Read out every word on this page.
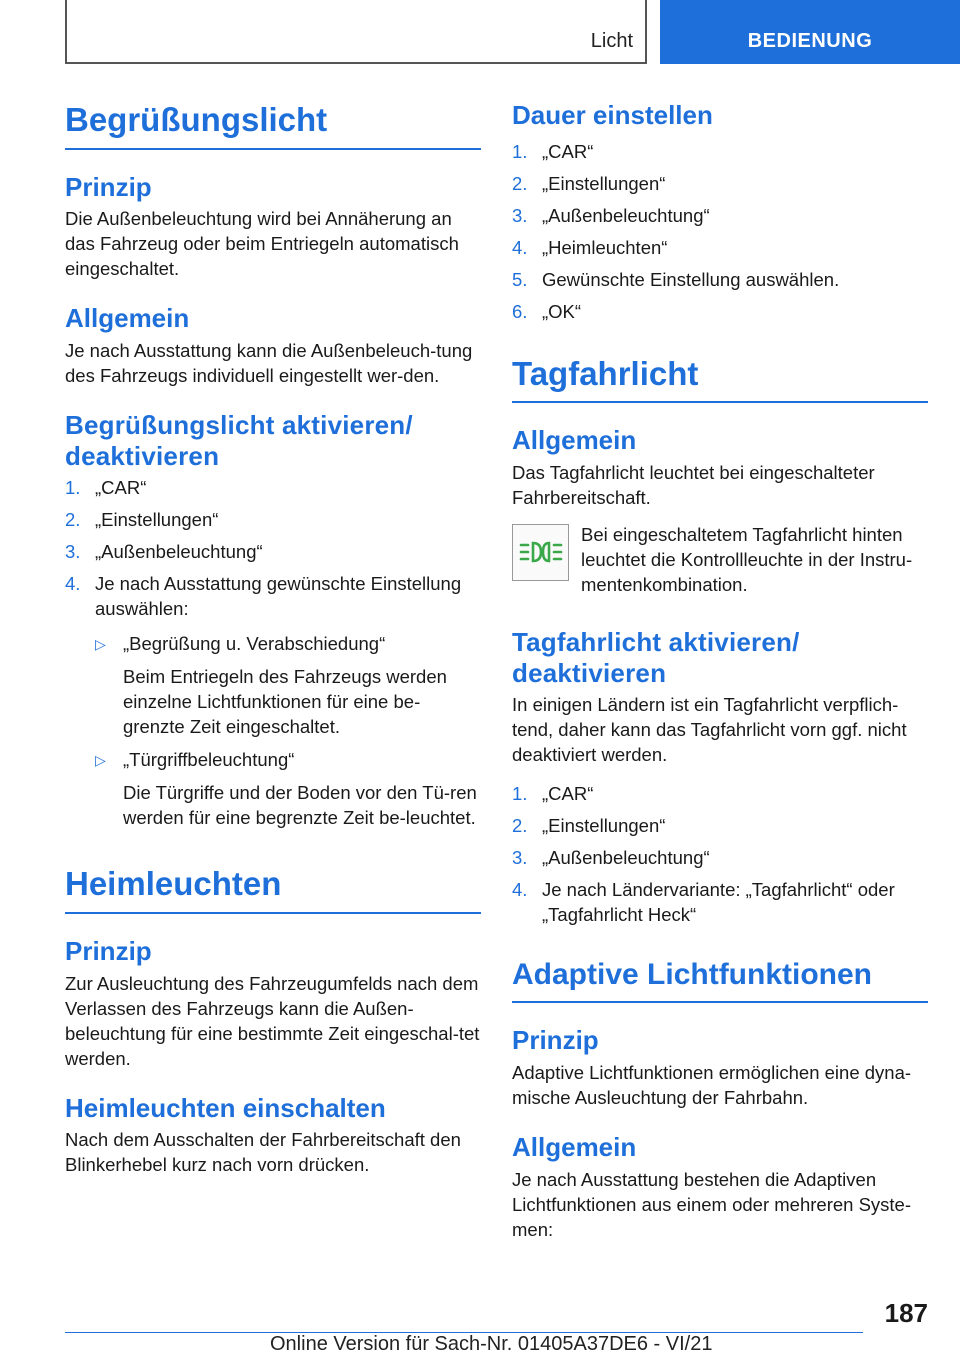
Licht	BEDIENUNG
Begrüßungslicht
Prinzip

Die Außenbeleuchtung wird bei Annäherung an das Fahrzeug oder beim Entriegeln automatisch eingeschaltet.

Allgemein

Je nach Ausstattung kann die Außenbeleuch-tung des Fahrzeugs individuell eingestellt wer-den.

Begrüßungslicht aktivieren/ deaktivieren
1. „CAR“
2. „Einstellungen“
3. „Außenbeleuchtung“
4. Je nach Ausstattung gewünschte Einstellung auswählen:
▷ „Begrüßung u. Verabschiedung“
Beim Entriegeln des Fahrzeugs werden einzelne Lichtfunktionen für eine be-grenzte Zeit eingeschaltet.
▷ „Türgriffbeleuchtung“
Die Türgriffe und der Boden vor den Tü-ren werden für eine begrenzte Zeit be-leuchtet.
Heimleuchten
Prinzip

Zur Ausleuchtung des Fahrzeugumfelds nach dem Verlassen des Fahrzeugs kann die Außen-beleuchtung für eine bestimmte Zeit eingeschal-tet werden.

Heimleuchten einschalten

Nach dem Ausschalten der Fahrbereitschaft den Blinkerhebel kurz nach vorn drücken.

Dauer einstellen
1. „CAR“
2. „Einstellungen“
3. „Außenbeleuchtung“
4. „Heimleuchten“
5. Gewünschte Einstellung auswählen.
6. „OK“
Tagfahrlicht
Allgemein

Das Tagfahrlicht leuchtet bei eingeschalteter Fahrbereitschaft.

Bei eingeschaltetem Tagfahrlicht hinten leuchtet die Kontrollleuchte in der Instru-mentenkombination.
Tagfahrlicht aktivieren/ deaktivieren

In einigen Ländern ist ein Tagfahrlicht verpflich-tend, daher kann das Tagfahrlicht vorn ggf. nicht deaktiviert werden.

1. „CAR“
2. „Einstellungen“
3. „Außenbeleuchtung“
4. Je nach Ländervariante: „Tagfahrlicht“ oder „Tagfahrlicht Heck“
Adaptive Lichtfunktionen
Prinzip

Adaptive Lichtfunktionen ermöglichen eine dyna-mische Ausleuchtung der Fahrbahn.

Allgemein

Je nach Ausstattung bestehen die Adaptiven Lichtfunktionen aus einem oder mehreren Syste-men:

187
Online Version für Sach-Nr. 01405A37DE6 - VI/21
